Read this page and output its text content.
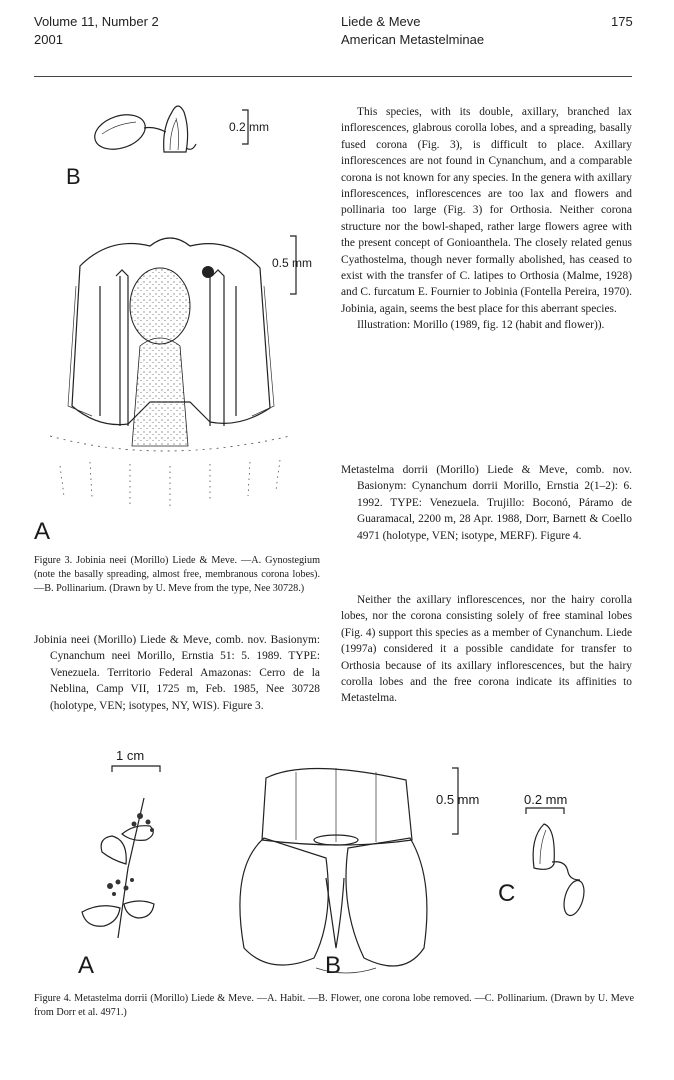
Volume 11, Number 2
2001
Liede & Meve
American Metastelminae
175
B
0.2 mm
0.5 mm
A
Figure 3. Jobinia neei (Morillo) Liede & Meve. —A. Gynostegium (note the basally spreading, almost free, membranous corona lobes). —B. Pollinarium. (Drawn by U. Meve from the type, Nee 30728.)

Jobinia neei (Morillo) Liede & Meve, comb. nov. Basionym: Cynanchum neei Morillo, Ernstia 51: 5. 1989. TYPE: Venezuela. Territorio Federal Amazonas: Cerro de la Neblina, Camp VII, 1725 m, Feb. 1985, Nee 30728 (holotype, VEN; isotypes, NY, WIS). Figure 3.

This species, with its double, axillary, branched lax inflorescences, glabrous corolla lobes, and a spreading, basally fused corona (Fig. 3), is difficult to place. Axillary inflorescences are not found in Cynanchum, and a comparable corona is not known for any species. In the genera with axillary inflorescences, inflorescences are too lax and flowers and pollinaria too large (Fig. 3) for Orthosia. Neither corona structure nor the bowl-shaped, rather large flowers agree with the present concept of Gonioanthela. The closely related genus Cyathostelma, though never formally abolished, has ceased to exist with the transfer of C. latipes to Orthosia (Malme, 1928) and C. furcatum E. Fournier to Jobinia (Fontella Pereira, 1970). Jobinia, again, seems the best place for this aberrant species.

Illustration: Morillo (1989, fig. 12 (habit and flower)).

Metastelma dorrii (Morillo) Liede & Meve, comb. nov. Basionym: Cynanchum dorrii Morillo, Ernstia 2(1–2): 6. 1992. TYPE: Venezuela. Trujillo: Boconó, Páramo de Guaramacal, 2200 m, 28 Apr. 1988, Dorr, Barnett & Coello 4971 (holotype, VEN; isotype, MERF). Figure 4.

Neither the axillary inflorescences, nor the hairy corolla lobes, nor the corona consisting solely of free staminal lobes (Fig. 4) support this species as a member of Cynanchum. Liede (1997a) considered it a possible candidate for transfer to Orthosia because of its axillary inflorescences, but the hairy corolla lobes and the free corona indicate its affinities to Metastelma.

1 cm
A	B
0.5 mm	0.2 mm
C
Figure 4. Metastelma dorrii (Morillo) Liede & Meve. —A. Habit. —B. Flower, one corona lobe removed. —C. Pollinarium. (Drawn by U. Meve from Dorr et al. 4971.)
